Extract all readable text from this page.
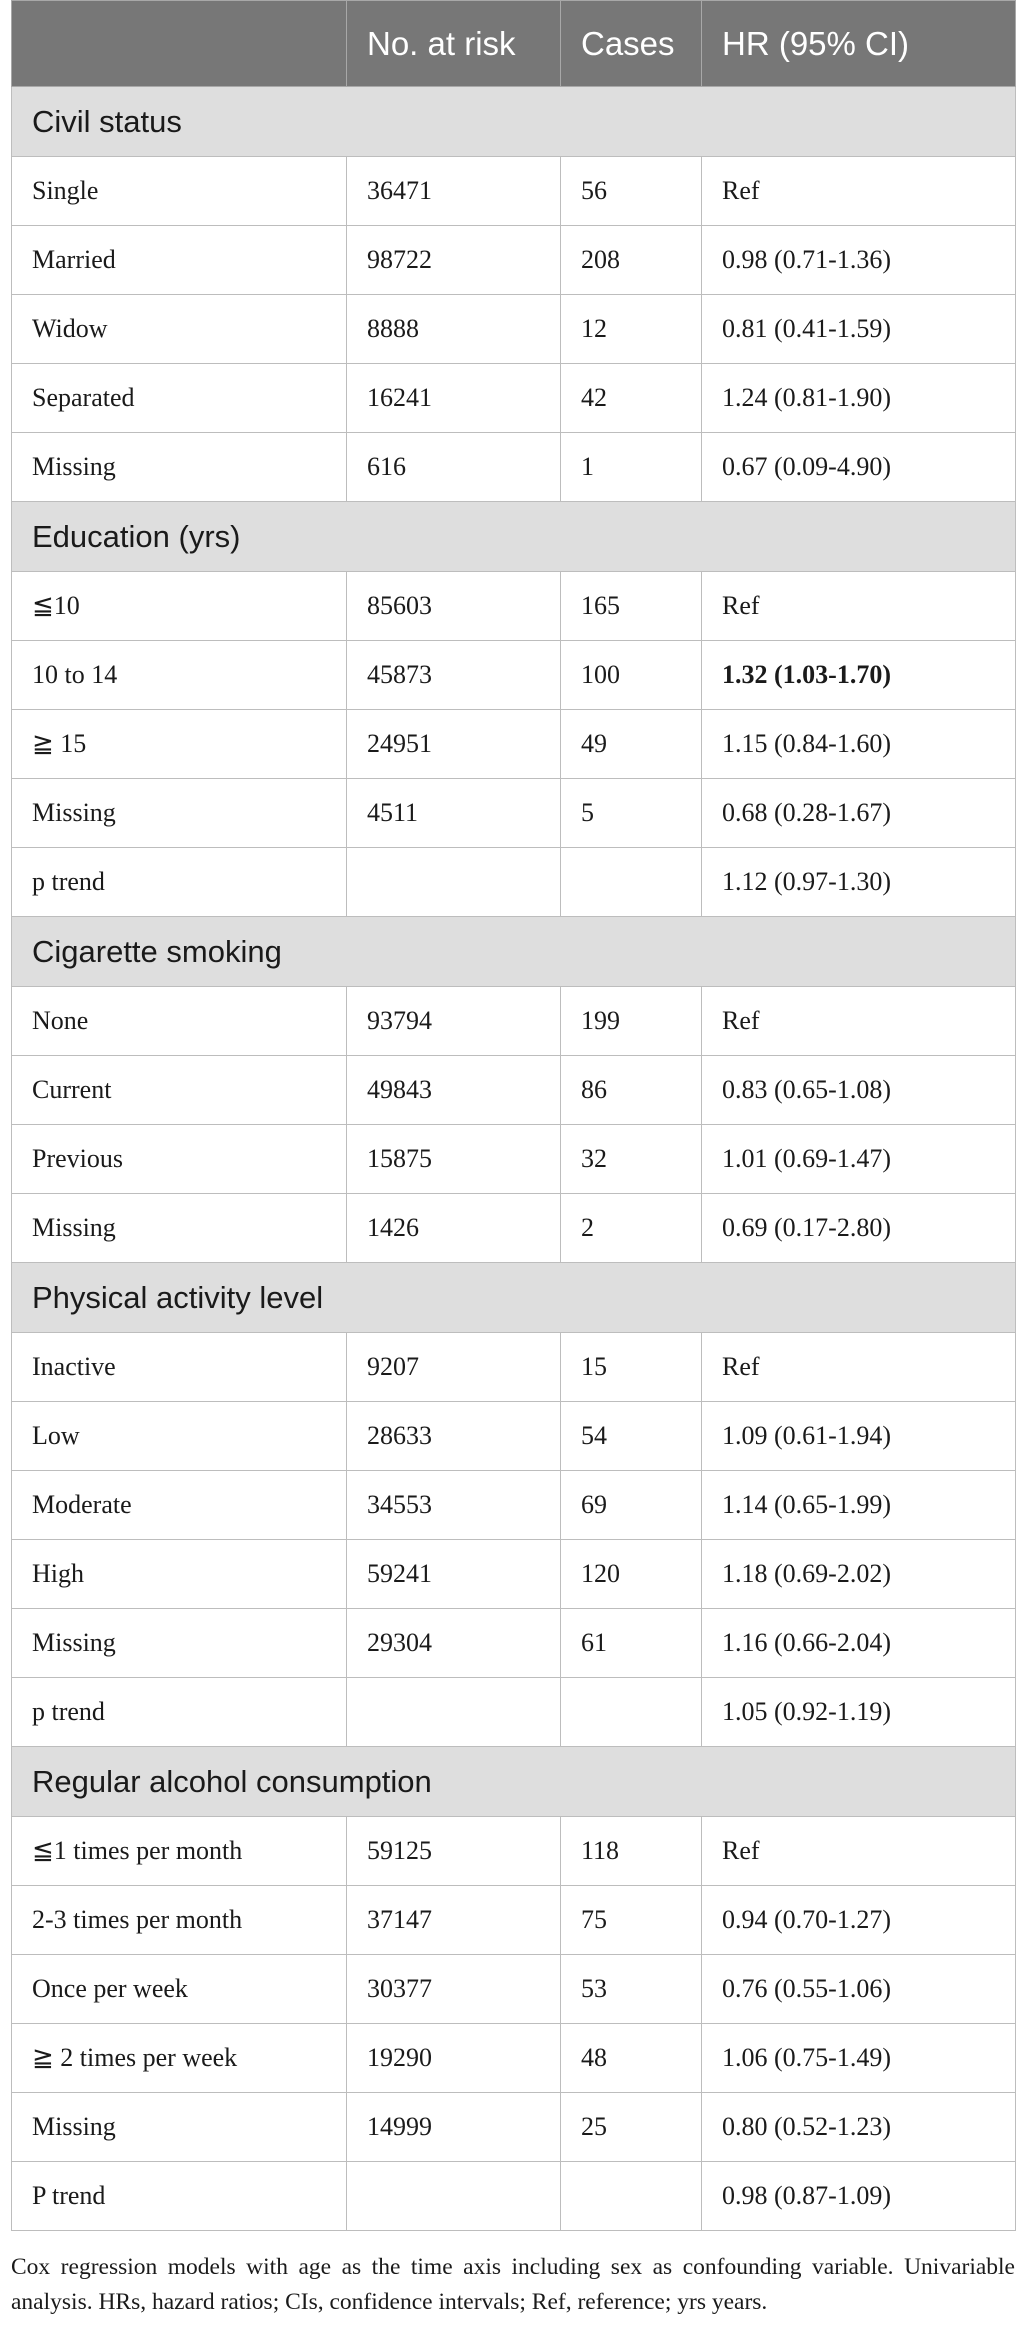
	No. at risk	Cases	HR (95% CI)
Civil status			
Single	36471	56	Ref
Married	98722	208	0.98 (0.71-1.36)
Widow	8888	12	0.81 (0.41-1.59)
Separated	16241	42	1.24 (0.81-1.90)
Missing	616	1	0.67 (0.09-4.90)
Education (yrs)			
≦10	85603	165	Ref
10 to 14	45873	100	1.32 (1.03-1.70)
≧ 15	24951	49	1.15 (0.84-1.60)
Missing	4511	5	0.68 (0.28-1.67)
p trend			1.12 (0.97-1.30)
Cigarette smoking			
None	93794	199	Ref
Current	49843	86	0.83 (0.65-1.08)
Previous	15875	32	1.01 (0.69-1.47)
Missing	1426	2	0.69 (0.17-2.80)
Physical activity level			
Inactive	9207	15	Ref
Low	28633	54	1.09 (0.61-1.94)
Moderate	34553	69	1.14 (0.65-1.99)
High	59241	120	1.18 (0.69-2.02)
Missing	29304	61	1.16 (0.66-2.04)
p trend			1.05 (0.92-1.19)
Regular alcohol consumption			
≦1 times per month	59125	118	Ref
2-3 times per month	37147	75	0.94 (0.70-1.27)
Once per week	30377	53	0.76 (0.55-1.06)
≧ 2 times per week	19290	48	1.06 (0.75-1.49)
Missing	14999	25	0.80 (0.52-1.23)
P trend			0.98 (0.87-1.09)
Cox regression models with age as the time axis including sex as confounding variable. Univariable analysis. HRs, hazard ratios; CIs, confidence intervals; Ref, reference; yrs years.
